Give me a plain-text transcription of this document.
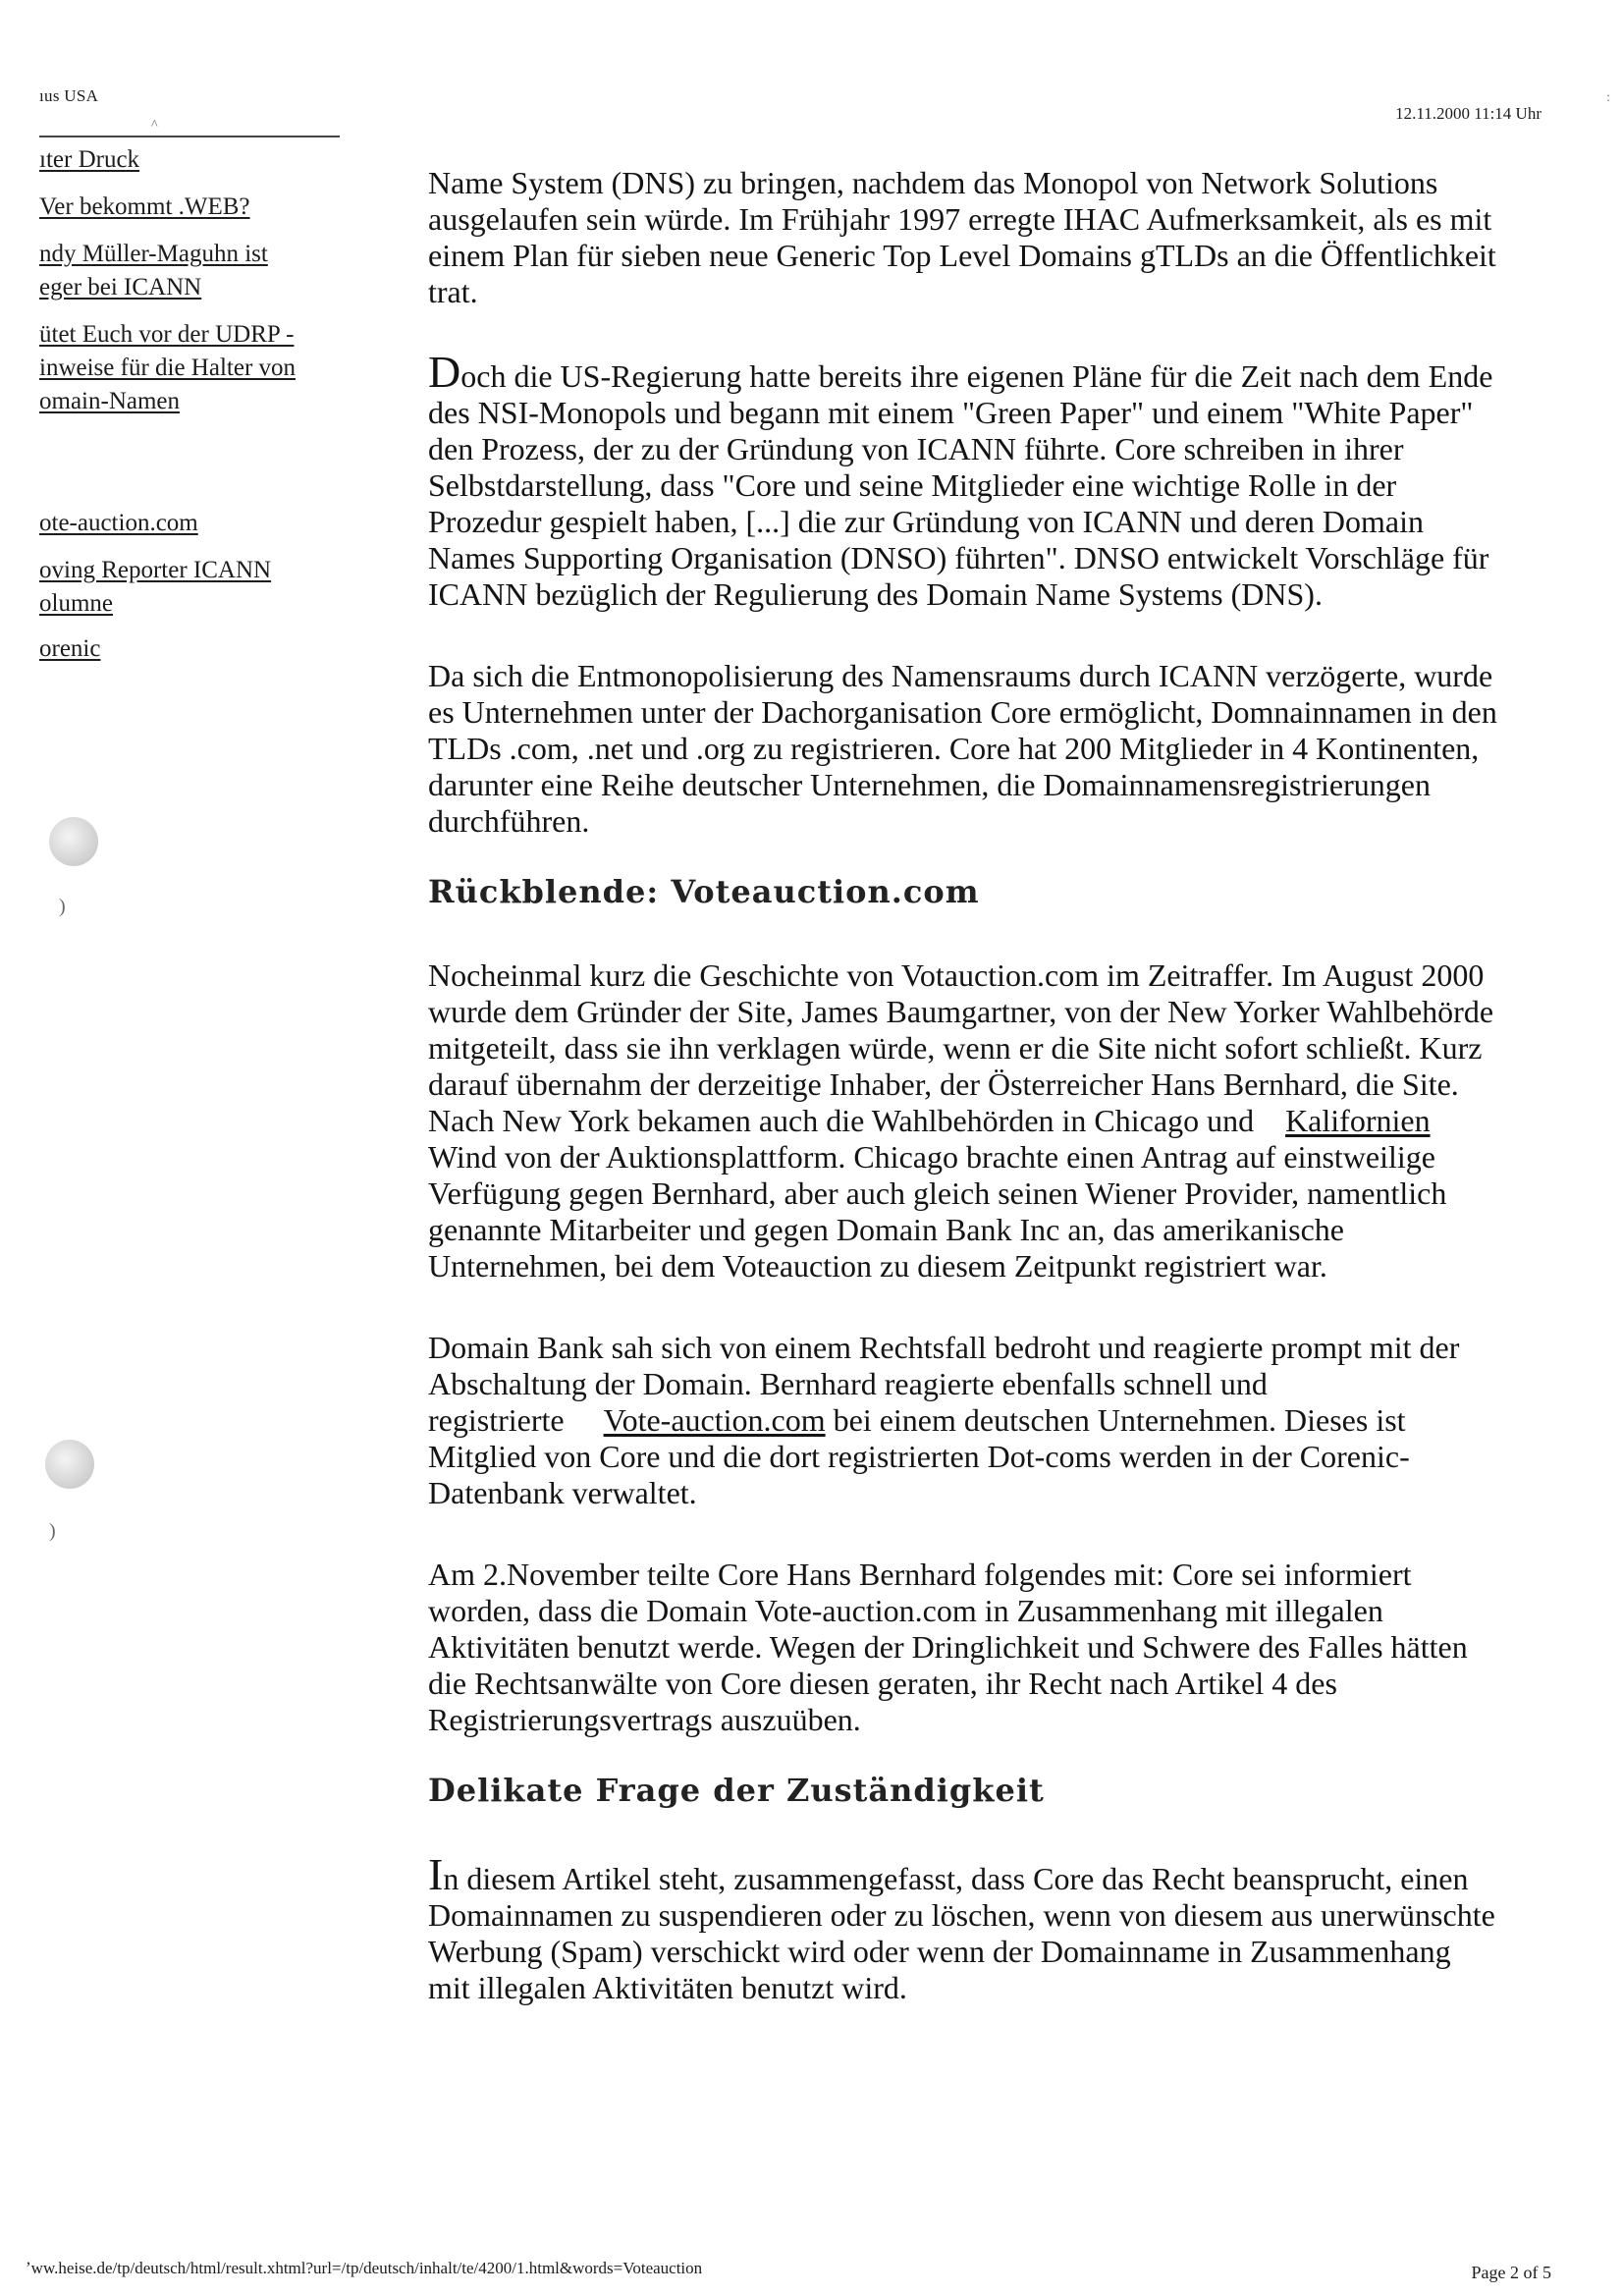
ıus USA
12.11.2000 11:14 Uhr
:
^
ıter Druck
Ver bekommt .WEB?
ndy Müller-Maguhn ist
eger bei ICANN
ütet Euch vor der UDRP -
inweise für die Halter von
omain-Namen
ote-auction.com
oving Reporter ICANN
olumne
orenic
)
)

Name System (DNS) zu bringen, nachdem das Monopol von Network Solutions ausgelaufen sein würde. Im Frühjahr 1997 erregte IHAC Aufmerksamkeit, als es mit einem Plan für sieben neue Generic Top Level Domains gTLDs an die Öffentlichkeit trat.

Doch die US-Regierung hatte bereits ihre eigenen Pläne für die Zeit nach dem Ende des NSI-Monopols und begann mit einem "Green Paper" und einem "White Paper" den Prozess, der zu der Gründung von ICANN führte. Core schreiben in ihrer Selbstdarstellung, dass "Core und seine Mitglieder eine wichtige Rolle in der Prozedur gespielt haben, [...] die zur Gründung von ICANN und deren Domain Names Supporting Organisation (DNSO) führten". DNSO entwickelt Vorschläge für ICANN bezüglich der Regulierung des Domain Name Systems (DNS).

Da sich die Entmonopolisierung des Namensraums durch ICANN verzögerte, wurde es Unternehmen unter der Dachorganisation Core ermöglicht, Domnainnamen in den TLDs .com, .net und .org zu registrieren. Core hat 200 Mitglieder in 4 Kontinenten, darunter eine Reihe deutscher Unternehmen, die Domainnamensregistrierungen durchführen.

Rückblende: Voteauction.com

Nocheinmal kurz die Geschichte von Votauction.com im Zeitraffer. Im August 2000 wurde dem Gründer der Site, James Baumgartner, von der New Yorker Wahlbehörde mitgeteilt, dass sie ihn verklagen würde, wenn er die Site nicht sofort schließt. Kurz darauf übernahm der derzeitige Inhaber, der Österreicher Hans Bernhard, die Site. Nach New York bekamen auch die Wahlbehörden in Chicago und Kalifornien Wind von der Auktionsplattform. Chicago brachte einen Antrag auf einstweilige Verfügung gegen Bernhard, aber auch gleich seinen Wiener Provider, namentlich genannte Mitarbeiter und gegen Domain Bank Inc an, das amerikanische Unternehmen, bei dem Voteauction zu diesem Zeitpunkt registriert war.

Domain Bank sah sich von einem Rechtsfall bedroht und reagierte prompt mit der Abschaltung der Domain. Bernhard reagierte ebenfalls schnell und registrierte Vote-auction.com bei einem deutschen Unternehmen. Dieses ist Mitglied von Core und die dort registrierten Dot-coms werden in der Corenic-Datenbank verwaltet.

Am 2.November teilte Core Hans Bernhard folgendes mit: Core sei informiert worden, dass die Domain Vote-auction.com in Zusammenhang mit illegalen Aktivitäten benutzt werde. Wegen der Dringlichkeit und Schwere des Falles hätten die Rechtsanwälte von Core diesen geraten, ihr Recht nach Artikel 4 des Registrierungsvertrags auszuüben.

Delikate Frage der Zuständigkeit

In diesem Artikel steht, zusammengefasst, dass Core das Recht beansprucht, einen Domainnamen zu suspendieren oder zu löschen, wenn von diesem aus unerwünschte Werbung (Spam) verschickt wird oder wenn der Domainname in Zusammenhang mit illegalen Aktivitäten benutzt wird.

ʼww.heise.de/tp/deutsch/html/result.xhtml?url=/tp/deutsch/inhalt/te/4200/1.html&words=Voteauction	Page 2 of 5
